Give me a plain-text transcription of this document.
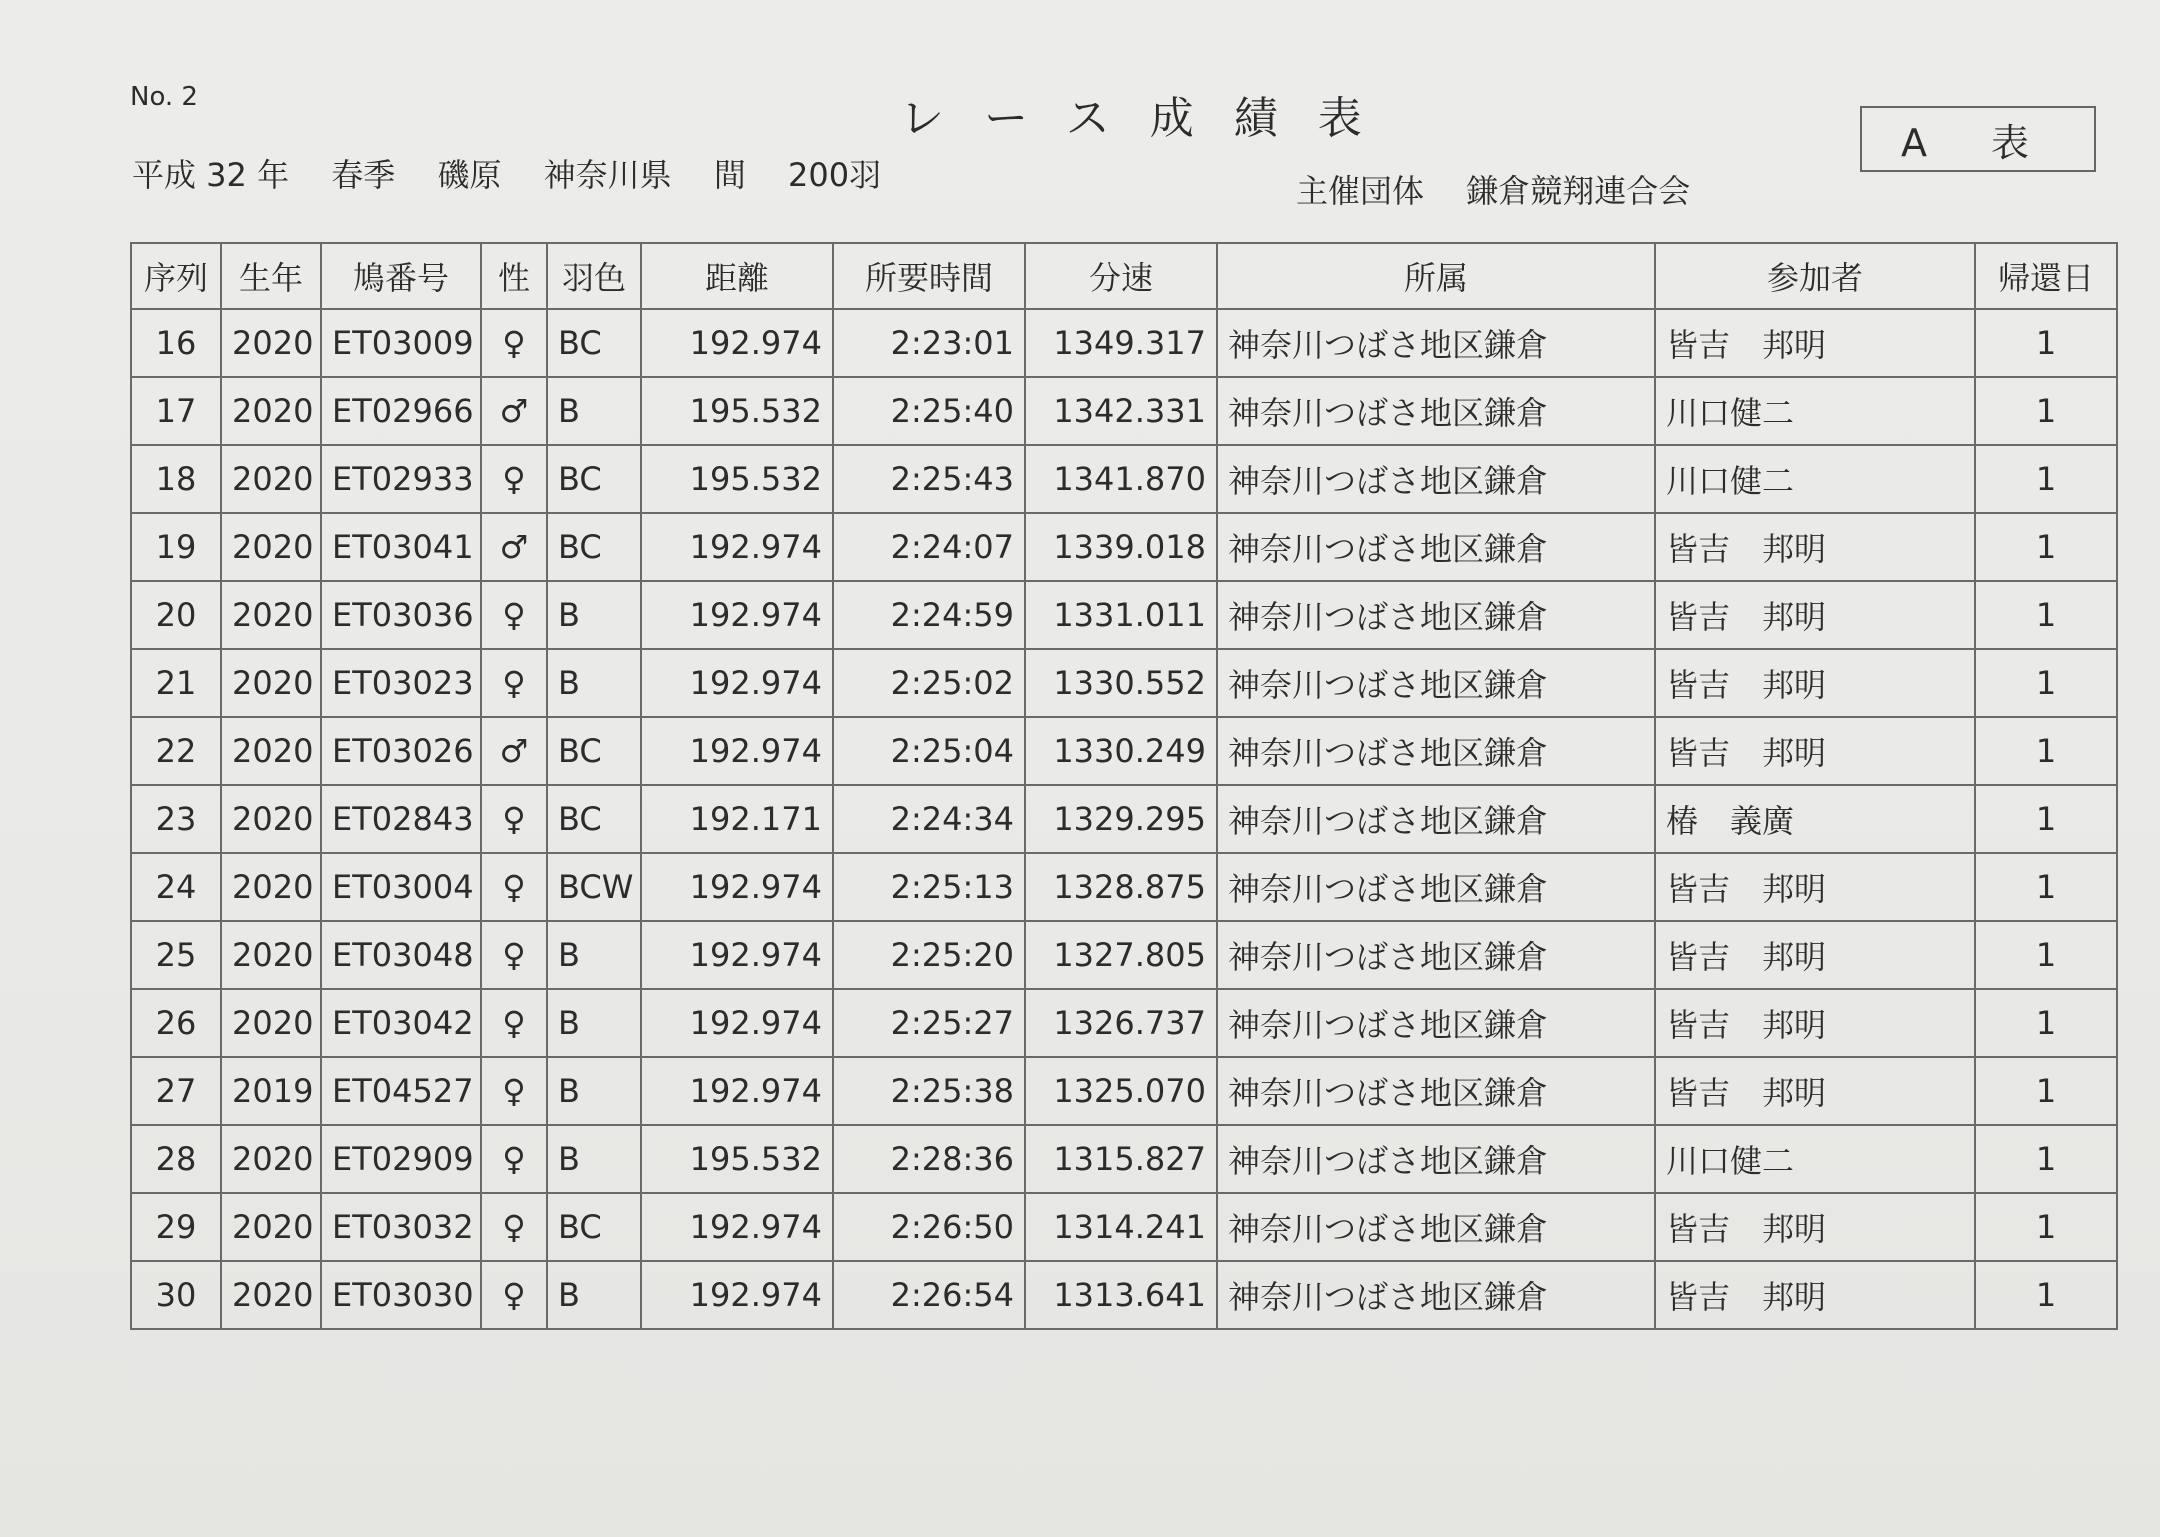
No. 2	レース成績表	A 表
平成 32 年 春季 磯原 神奈川県 間 200羽	主催団体 鎌倉競翔連合会
序列	生年	鳩番号	性	羽色	距離	所要時間	分速	所属	参加者	帰還日
16	2020	ET03009	♀	BC	192.974	2:23:01	1349.317	神奈川つばさ地区鎌倉	皆吉　邦明	1
17	2020	ET02966	♂	B	195.532	2:25:40	1342.331	神奈川つばさ地区鎌倉	川口健二	1
18	2020	ET02933	♀	BC	195.532	2:25:43	1341.870	神奈川つばさ地区鎌倉	川口健二	1
19	2020	ET03041	♂	BC	192.974	2:24:07	1339.018	神奈川つばさ地区鎌倉	皆吉　邦明	1
20	2020	ET03036	♀	B	192.974	2:24:59	1331.011	神奈川つばさ地区鎌倉	皆吉　邦明	1
21	2020	ET03023	♀	B	192.974	2:25:02	1330.552	神奈川つばさ地区鎌倉	皆吉　邦明	1
22	2020	ET03026	♂	BC	192.974	2:25:04	1330.249	神奈川つばさ地区鎌倉	皆吉　邦明	1
23	2020	ET02843	♀	BC	192.171	2:24:34	1329.295	神奈川つばさ地区鎌倉	椿　義廣	1
24	2020	ET03004	♀	BCW	192.974	2:25:13	1328.875	神奈川つばさ地区鎌倉	皆吉　邦明	1
25	2020	ET03048	♀	B	192.974	2:25:20	1327.805	神奈川つばさ地区鎌倉	皆吉　邦明	1
26	2020	ET03042	♀	B	192.974	2:25:27	1326.737	神奈川つばさ地区鎌倉	皆吉　邦明	1
27	2019	ET04527	♀	B	192.974	2:25:38	1325.070	神奈川つばさ地区鎌倉	皆吉　邦明	1
28	2020	ET02909	♀	B	195.532	2:28:36	1315.827	神奈川つばさ地区鎌倉	川口健二	1
29	2020	ET03032	♀	BC	192.974	2:26:50	1314.241	神奈川つばさ地区鎌倉	皆吉　邦明	1
30	2020	ET03030	♀	B	192.974	2:26:54	1313.641	神奈川つばさ地区鎌倉	皆吉　邦明	1
